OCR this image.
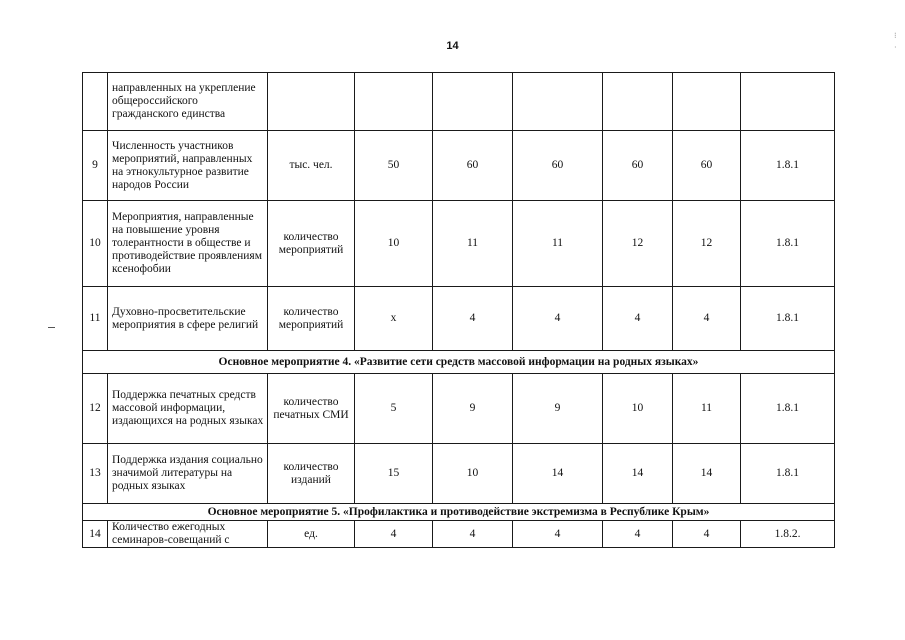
14
⁝ ·
	направленных на укрепление общероссийского гражданского единства							
9	Численность участников мероприятий, направленных на этнокультурное развитие народов России	тыс. чел.	50	60	60	60	60	1.8.1
10	Мероприятия, направленные на повышение уровня толерантности в обществе и противодействие проявлениям ксенофобии	количество мероприятий	10	11	11	12	12	1.8.1
11	Духовно-просветительские мероприятия в сфере религий	количество мероприятий	х	4	4	4	4	1.8.1
Основное мероприятие 4. «Развитие сети средств массовой информации на родных языках»								
12	Поддержка печатных средств массовой информации, издающихся на родных языках	количество печатных СМИ	5	9	9	10	11	1.8.1
13	Поддержка издания социально значимой литературы на родных языках	количество изданий	15	10	14	14	14	1.8.1
Основное мероприятие 5. «Профилактика и противодействие экстремизма в Республике Крым»								
14	Количество ежегодных семинаров-совещаний с	ед.	4	4	4	4	4	1.8.2.
